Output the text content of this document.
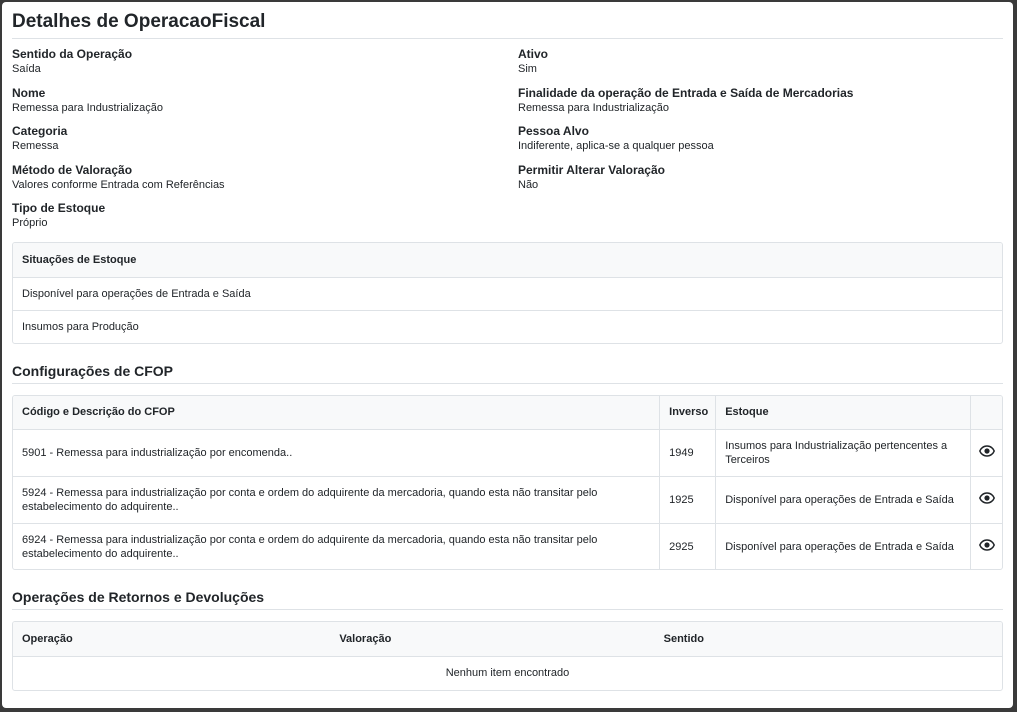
Detalhes de OperacaoFiscal
Sentido da Operação
Saída
Ativo
Sim
Nome
Remessa para Industrialização
Finalidade da operação de Entrada e Saída de Mercadorias
Remessa para Industrialização
Categoria
Remessa
Pessoa Alvo
Indiferente, aplica-se a qualquer pessoa
Método de Valoração
Valores conforme Entrada com Referências
Permitir Alterar Valoração
Não
Tipo de Estoque
Próprio
Situações de Estoque
Disponível para operações de Entrada e Saída
Insumos para Produção
Configurações de CFOP
Código e Descrição do CFOP	Inverso	Estoque	
5901 - Remessa para industrialização por encomenda..	1949	Insumos para Industrialização pertencentes a Terceiros	
5924 - Remessa para industrialização por conta e ordem do adquirente da mercadoria, quando esta não transitar pelo estabelecimento do adquirente..	1925	Disponível para operações de Entrada e Saída	
6924 - Remessa para industrialização por conta e ordem do adquirente da mercadoria, quando esta não transitar pelo estabelecimento do adquirente..	2925	Disponível para operações de Entrada e Saída	
Operações de Retornos e Devoluções
Operação	Valoração	Sentido
Nenhum item encontrado
